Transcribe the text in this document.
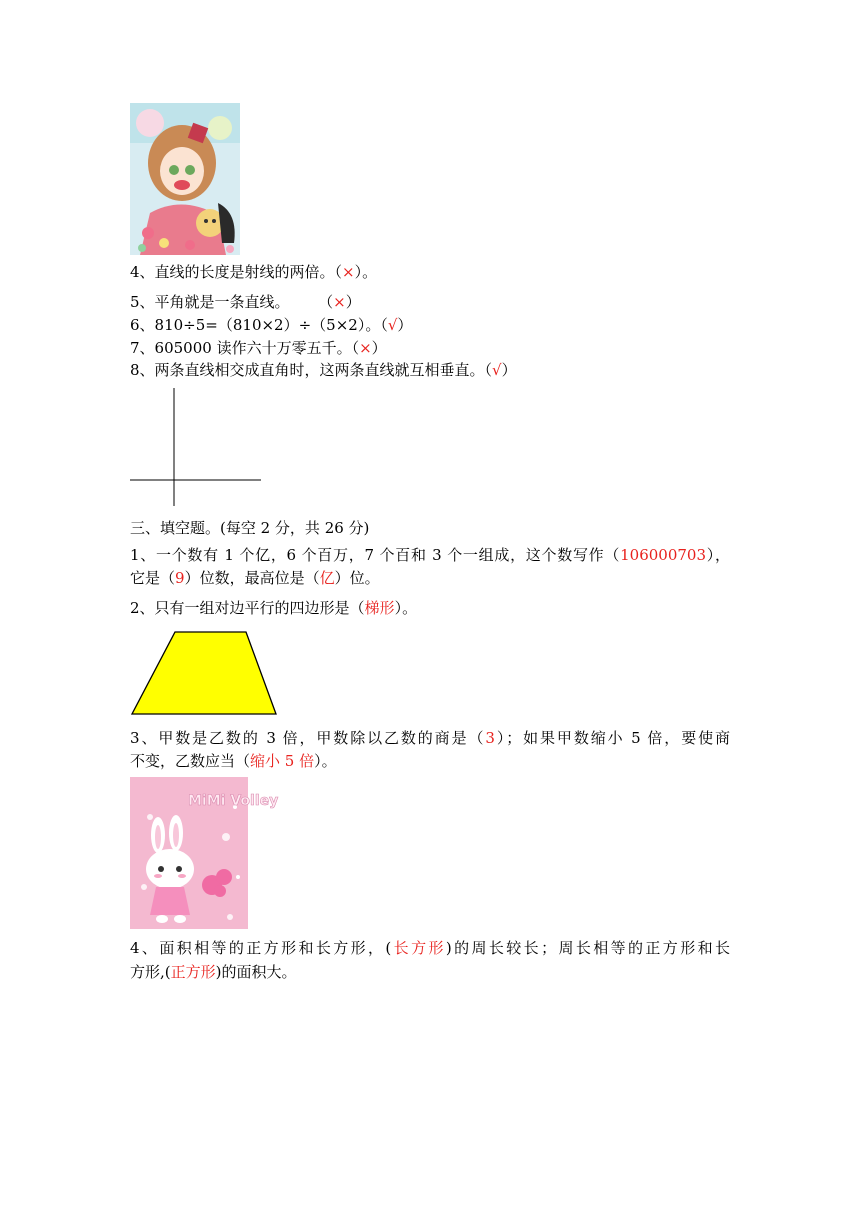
4、直线的长度是射线的两倍。（×）。
5、平角就是一条直线。      （×）
6、810÷5=（810×2）÷（5×2）。（√）
7、605000 读作六十万零五千。（×）
8、两条直线相交成直角时，这两条直线就互相垂直。（√）
三、填空题。(每空 2 分，共 26 分)
1、一个数有 1 个亿，6 个百万，7 个百和 3 个一组成，这个数写作（106000703），
它是（9）位数，最高位是（亿）位。
2、只有一组对边平行的四边形是（梯形）。
3、甲数是乙数的 3 倍，甲数除以乙数的商是（3）；如果甲数缩小 5 倍，要使商
不变，乙数应当（缩小 5 倍）。
MiMi Volley
4、面积相等的正方形和长方形，(长方形)的周长较长；周长相等的正方形和长
方形,(正方形)的面积大。
